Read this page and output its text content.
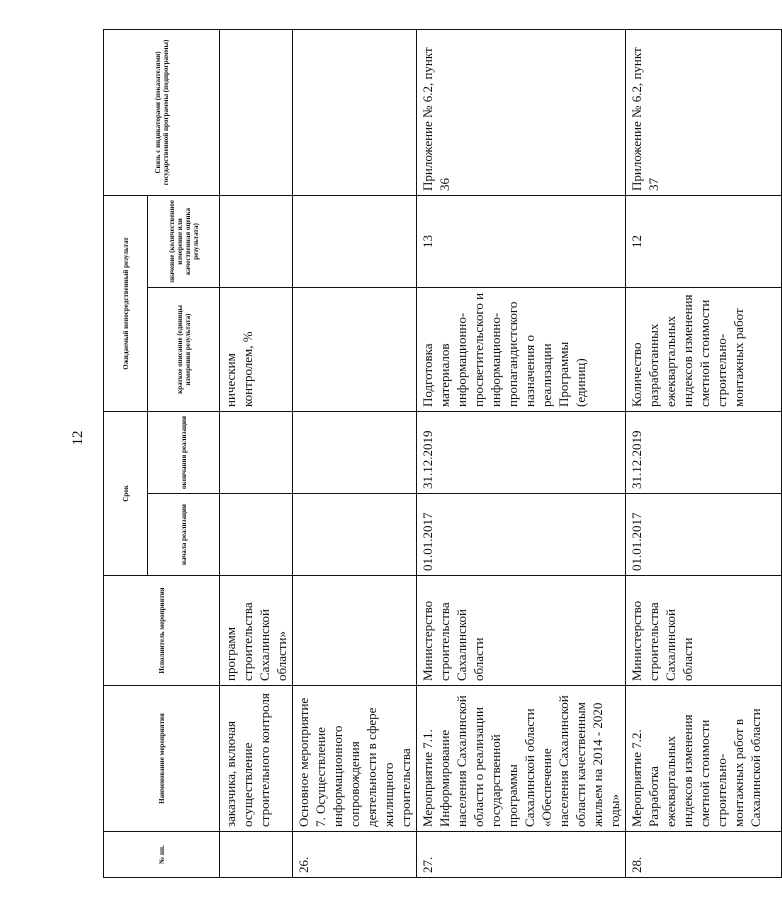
12
№ пп.	Наименование мероприятия	Исполнитель мероприятия	Срок		Ожидаемый непосредственный результат		Связь с индикаторами (показателями) государственной программы (подпрограммы)
			начала реализации	окончания реализации	краткое описание (единицы измерения результата)	значение (количественное измерение или качественная оценка результата)	
	заказчика, включая осуществление строительного контроля	программ строительства Сахалинской области»			ническим контролем, %		
26.	Основное мероприятие 7. Осуществление информационного сопровождения деятельности в сфере жилищного строительства						
27.	Мероприятие 7.1. Информирование населения Сахалинской области о реализации государственной программы Сахалинской области «Обеспечение населения Сахалинской области качественным жильем на 2014 - 2020 годы»	Министерство строительства Сахалинской области	01.01.2017	31.12.2019	Подготовка материалов информационно-просветительского и информационно-пропагандистского назначения о реализации Программы (единиц)	13	Приложение № 6.2, пункт 36
28.	Мероприятие 7.2. Разработка ежеквартальных индексов изменения сметной стоимости строительно-монтажных работ в Сахалинской области	Министерство строительства Сахалинской области	01.01.2017	31.12.2019	Количество разработанных ежеквартальных индексов изменения сметной стоимости строительно-монтажных работ	12	Приложение № 6.2, пункт 37
